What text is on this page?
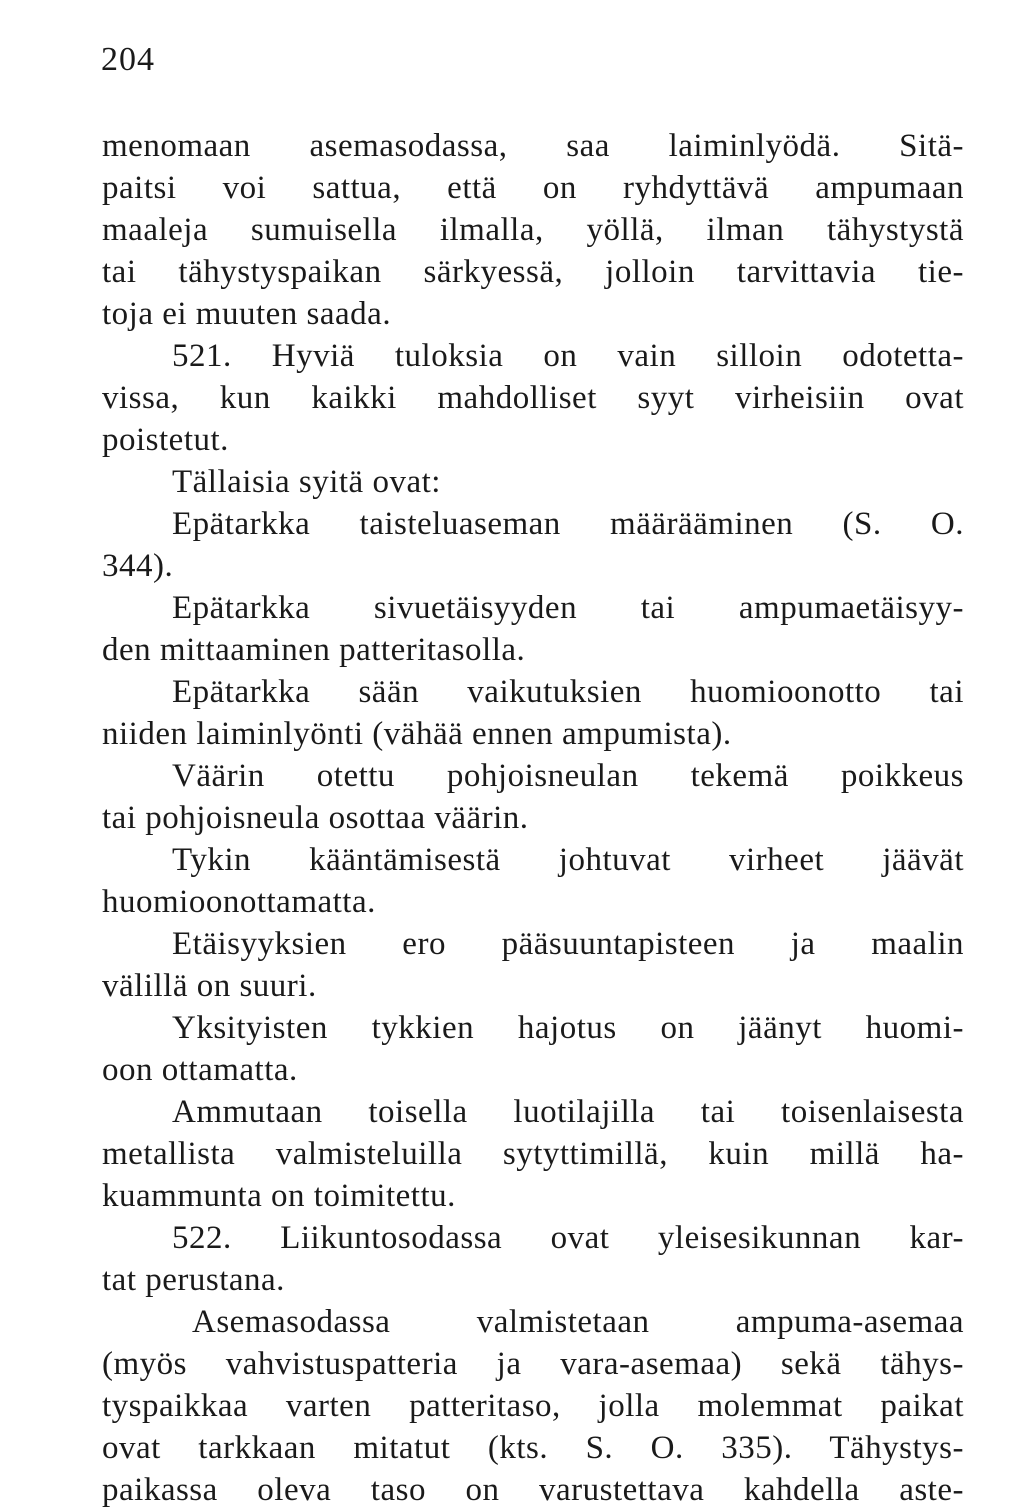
204
menomaan asemasodassa, saa laiminlyödä. Sitä-
paitsi voi sattua, että on ryhdyttävä ampumaan
maaleja sumuisella ilmalla, yöllä, ilman tähystystä
tai tähystyspaikan särkyessä, jolloin tarvittavia tie-
toja ei muuten saada.
521. Hyviä tuloksia on vain silloin odotetta-
vissa, kun kaikki mahdolliset syyt virheisiin ovat
poistetut.
Tällaisia syitä ovat:
Epätarkka taisteluaseman määrääminen (S. O.
344).
Epätarkka sivuetäisyyden tai ampumaetäisyy-
den mittaaminen patteritasolla.
Epätarkka sään vaikutuksien huomioonotto tai
niiden laiminlyönti (vähää ennen ampumista).
Väärin otettu pohjoisneulan tekemä poikkeus
tai pohjoisneula osottaa väärin.
Tykin kääntämisestä johtuvat virheet jäävät
huomioonottamatta.
Etäisyyksien ero pääsuuntapisteen ja maalin
välillä on suuri.
Yksityisten tykkien hajotus on jäänyt huomi-
oon ottamatta.
Ammutaan toisella luotilajilla tai toisenlaisesta
metallista valmisteluilla sytyttimillä, kuin millä ha-
kuammunta on toimitettu.
522. Liikuntosodassa ovat yleisesikunnan kar-
tat perustana.
Asemasodassa valmistetaan ampuma-asemaa
(myös vahvistuspatteria ja vara-asemaa) sekä tähys-
tyspaikkaa varten patteritaso, jolla molemmat paikat
ovat tarkkaan mitatut (kts. S. O. 335). Tähystys-
paikassa oleva taso on varustettava kahdella aste-
